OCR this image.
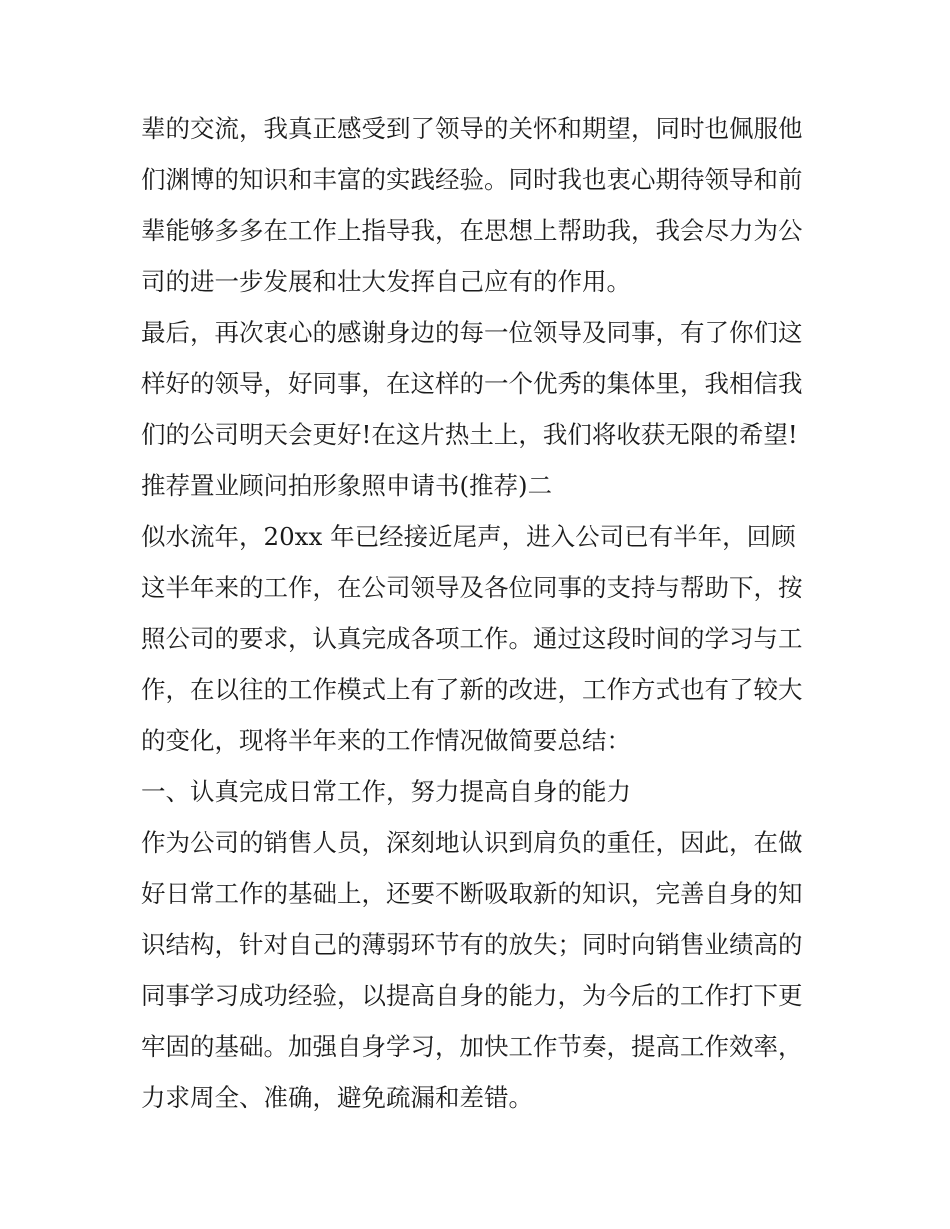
辈的交流，我真正感受到了领导的关怀和期望，同时也佩服他

们渊博的知识和丰富的实践经验。同时我也衷心期待领导和前

辈能够多多在工作上指导我，在思想上帮助我，我会尽力为公

司的进一步发展和壮大发挥自己应有的作用。

最后，再次衷心的感谢身边的每一位领导及同事，有了你们这

样好的领导，好同事，在这样的一个优秀的集体里，我相信我

们的公司明天会更好!在这片热土上，我们将收获无限的希望!

推荐置业顾问拍形象照申请书(推荐)二

似水流年，20xx 年已经接近尾声，进入公司已有半年，回顾

这半年来的工作，在公司领导及各位同事的支持与帮助下，按

照公司的要求，认真完成各项工作。通过这段时间的学习与工

作，在以往的工作模式上有了新的改进，工作方式也有了较大

的变化，现将半年来的工作情况做简要总结：

一、认真完成日常工作，努力提高自身的能力

作为公司的销售人员，深刻地认识到肩负的重任，因此，在做

好日常工作的基础上，还要不断吸取新的知识，完善自身的知

识结构，针对自己的薄弱环节有的放失；同时向销售业绩高的

同事学习成功经验，以提高自身的能力，为今后的工作打下更

牢固的基础。加强自身学习，加快工作节奏，提高工作效率，

力求周全、准确，避免疏漏和差错。
